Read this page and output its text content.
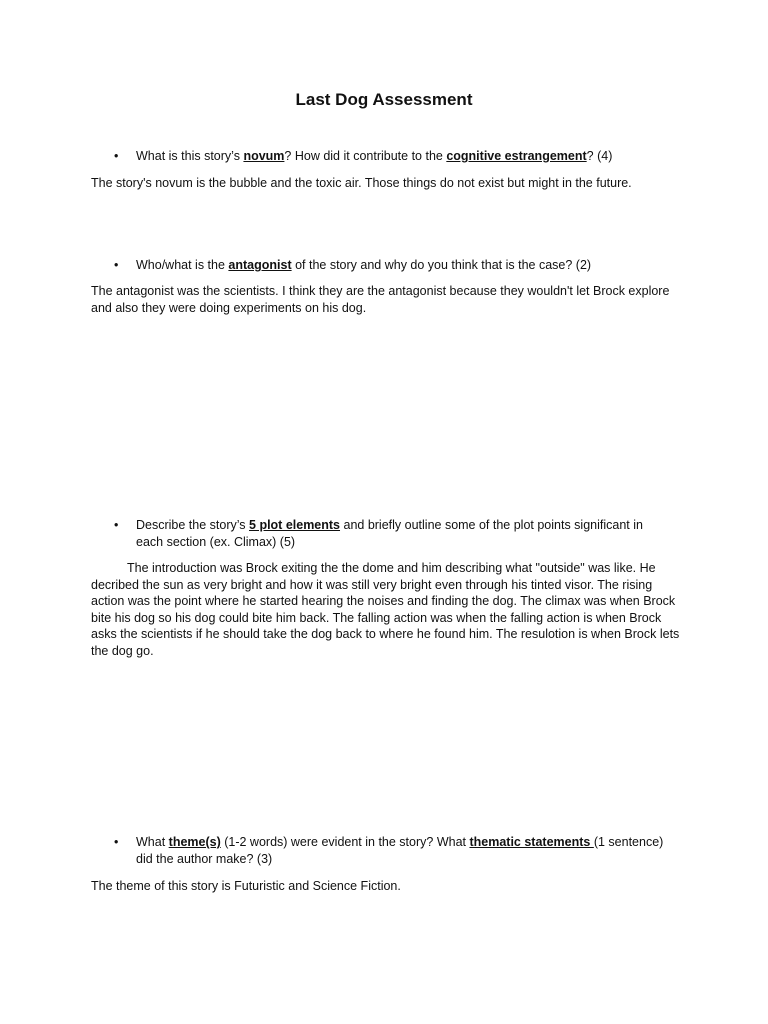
Last Dog Assessment
• What is this story’s novum? How did it contribute to the cognitive estrangement? (4)

The story's novum is the bubble and the toxic air. Those things do not exist but might in the future.

• Who/what is the antagonist of the story and why do you think that is the case? (2)

The antagonist was the scientists. I think they are the antagonist because they wouldn't let Brock explore and also they were doing experiments on his dog.

• Describe the story’s 5 plot elements and briefly outline some of the plot points significant in each section (ex. Climax) (5)

The introduction was Brock exiting the the dome and him describing what "outside" was like. He decribed the sun as very bright and how it was still very bright even through his tinted visor. The rising action was the point where he started hearing the noises and finding the dog. The climax was when Brock bite his dog so his dog could bite him back. The falling action was when the falling action is when Brock asks the scientists if he should take the dog back to where he found him. The resulotion is when Brock lets the dog go.

• What theme(s) (1-2 words) were evident in the story? What thematic statements (1 sentence) did the author make? (3)

The theme of this story is Futuristic and Science Fiction.
